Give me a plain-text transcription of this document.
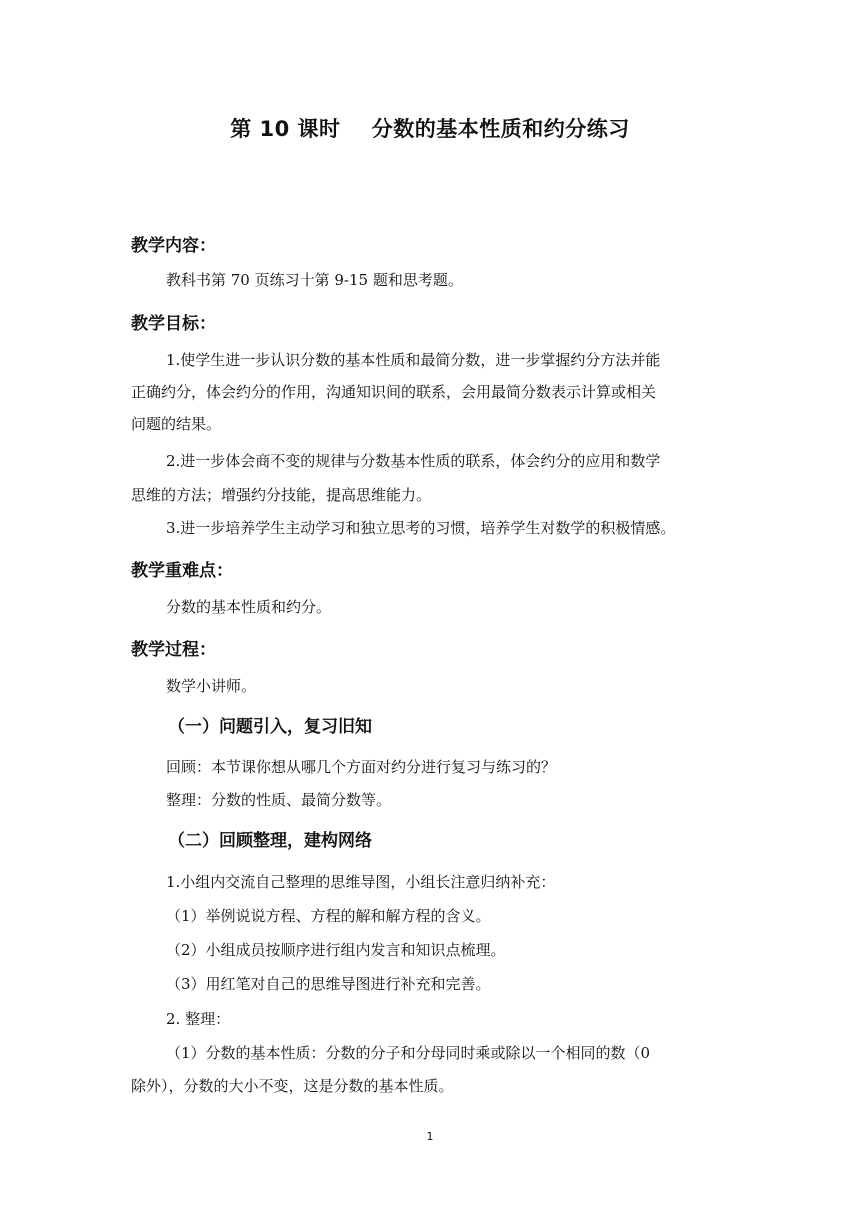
第 10 课时    分数的基本性质和约分练习
教学内容：
教科书第 70 页练习十第 9-15 题和思考题。
教学目标：
1.使学生进一步认识分数的基本性质和最简分数，进一步掌握约分方法并能
正确约分，体会约分的作用，沟通知识间的联系，会用最简分数表示计算或相关
问题的结果。
2.进一步体会商不变的规律与分数基本性质的联系，体会约分的应用和数学
思维的方法；增强约分技能，提高思维能力。
3.进一步培养学生主动学习和独立思考的习惯，培养学生对数学的积极情感。
教学重难点：
分数的基本性质和约分。
教学过程：
数学小讲师。
（一）问题引入，复习旧知
回顾：本节课你想从哪几个方面对约分进行复习与练习的？
整理：分数的性质、最简分数等。
（二）回顾整理，建构网络
1.小组内交流自己整理的思维导图，小组长注意归纳补充：
（1）举例说说方程、方程的解和解方程的含义。
（2）小组成员按顺序进行组内发言和知识点梳理。
（3）用红笔对自己的思维导图进行补充和完善。
2. 整理：
（1）分数的基本性质：分数的分子和分母同时乘或除以一个相同的数（0
除外），分数的大小不变，这是分数的基本性质。
1
